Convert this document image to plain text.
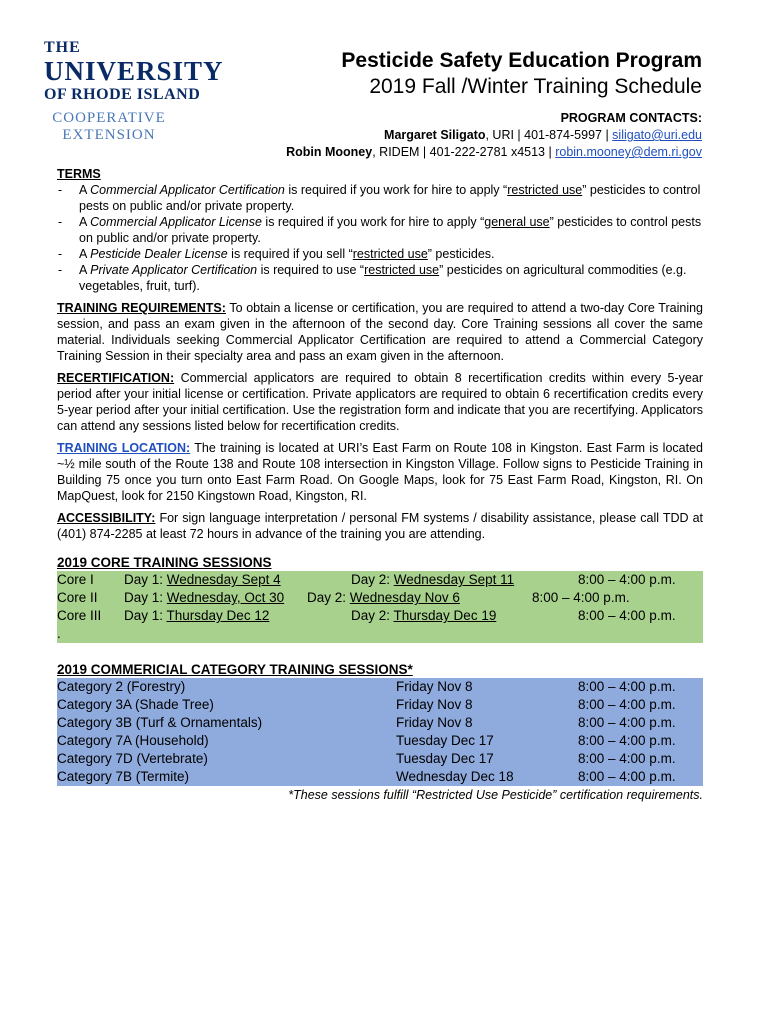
THE
UNIVERSITY
OF RHODE ISLAND
COOPERATIVE
EXTENSION
Pesticide Safety Education Program
2019 Fall /Winter Training Schedule
PROGRAM CONTACTS:
Margaret Siligato, URI | 401-874-5997 | siligato@uri.edu
Robin Mooney, RIDEM | 401-222-2781 x4513 | robin.mooney@dem.ri.gov
TERMS
- A Commercial Applicator Certification is required if you work for hire to apply “restricted use” pesticides to control pests on public and/or private property.
- A Commercial Applicator License is required if you work for hire to apply “general use” pesticides to control pests on public and/or private property.
- A Pesticide Dealer License is required if you sell “restricted use” pesticides.
- A Private Applicator Certification is required to use “restricted use” pesticides on agricultural commodities (e.g. vegetables, fruit, turf).
TRAINING REQUIREMENTS: To obtain a license or certification, you are required to attend a two-day Core Training session, and pass an exam given in the afternoon of the second day. Core Training sessions all cover the same material. Individuals seeking Commercial Applicator Certification are required to attend a Commercial Category Training Session in their specialty area and pass an exam given in the afternoon.
RECERTIFICATION: Commercial applicators are required to obtain 8 recertification credits within every 5-year period after your initial license or certification. Private applicators are required to obtain 6 recertification credits every 5-year period after your initial certification. Use the registration form and indicate that you are recertifying. Applicators can attend any sessions listed below for recertification credits.
TRAINING LOCATION: The training is located at URI’s East Farm on Route 108 in Kingston. East Farm is located ~½ mile south of the Route 138 and Route 108 intersection in Kingston Village. Follow signs to Pesticide Training in Building 75 once you turn onto East Farm Road. On Google Maps, look for 75 East Farm Road, Kingston, RI. On MapQuest, look for 2150 Kingstown Road, Kingston, RI.
ACCESSIBILITY: For sign language interpretation / personal FM systems / disability assistance, please call TDD at (401) 874-2285 at least 72 hours in advance of the training you are attending.
2019 CORE TRAINING SESSIONS
Core I Day 1: Wednesday Sept 4	Day 2: Wednesday Sept 11	8:00 – 4:00 p.m.
Core II Day 1: Wednesday, Oct 30 Day 2: Wednesday Nov 6	8:00 – 4:00 p.m.
Core III Day 1: Thursday Dec 12	Day 2: Thursday Dec 19	8:00 – 4:00 p.m.
.
2019 COMMERICIAL CATEGORY TRAINING SESSIONS*
Category 2 (Forestry)	Friday Nov 8	8:00 – 4:00 p.m.
Category 3A (Shade Tree)	Friday Nov 8	8:00 – 4:00 p.m.
Category 3B (Turf & Ornamentals)	Friday Nov 8	8:00 – 4:00 p.m.
Category 7A (Household)	Tuesday Dec 17	8:00 – 4:00 p.m.
Category 7D (Vertebrate)	Tuesday Dec 17	8:00 – 4:00 p.m.
Category 7B (Termite)	Wednesday Dec 18	8:00 – 4:00 p.m.
*These sessions fulfill “Restricted Use Pesticide” certification requirements.
